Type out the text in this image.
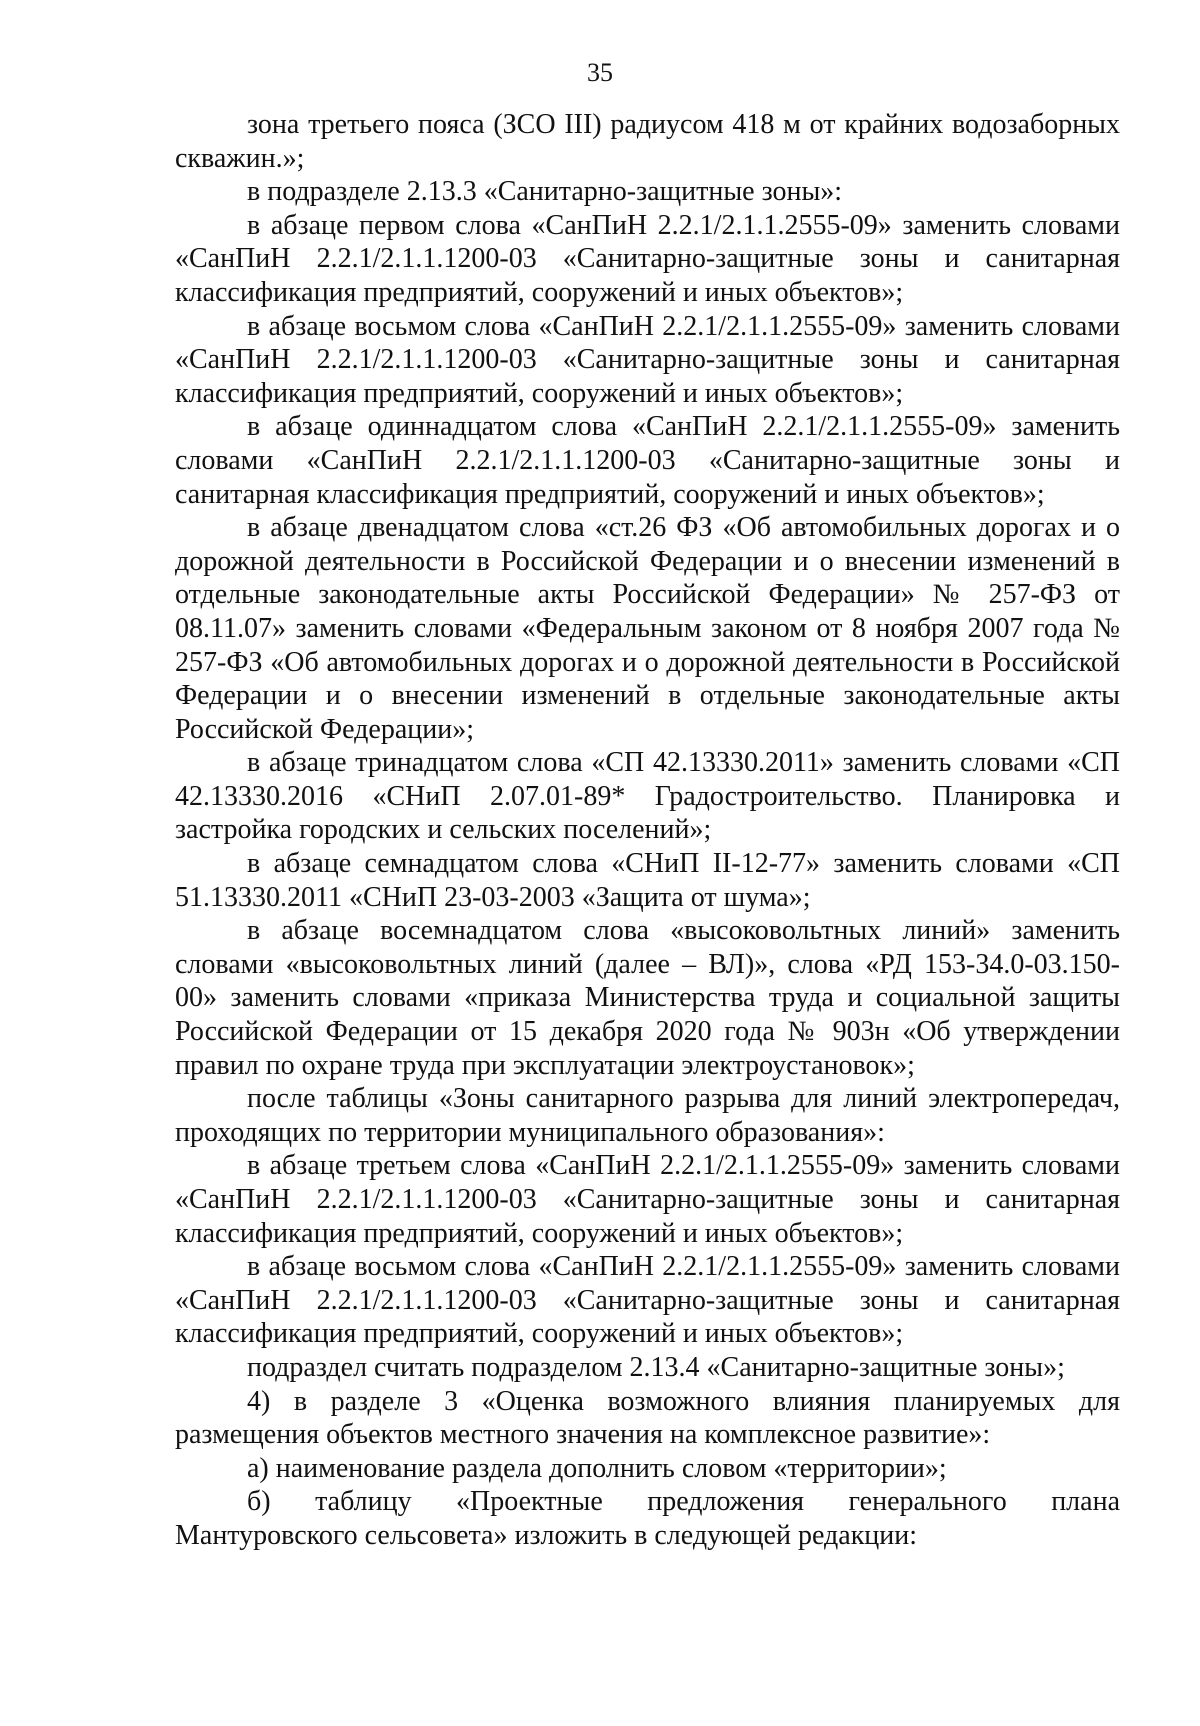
35

зона третьего пояса (ЗСО III) радиусом 418 м от крайних водозаборных скважин.»;

в подразделе 2.13.3 «Санитарно-защитные зоны»:

в абзаце первом слова «СанПиН 2.2.1/2.1.1.2555-09» заменить словами «СанПиН 2.2.1/2.1.1.1200-03 «Санитарно-защитные зоны и санитарная классификация предприятий, сооружений и иных объектов»;

в абзаце восьмом слова «СанПиН 2.2.1/2.1.1.2555-09» заменить словами «СанПиН 2.2.1/2.1.1.1200-03 «Санитарно-защитные зоны и санитарная классификация предприятий, сооружений и иных объектов»;

в абзаце одиннадцатом слова «СанПиН 2.2.1/2.1.1.2555-09» заменить словами «СанПиН 2.2.1/2.1.1.1200-03 «Санитарно-защитные зоны и санитарная классификация предприятий, сооружений и иных объектов»;

в абзаце двенадцатом слова «ст.26 ФЗ «Об автомобильных дорогах и о дорожной деятельности в Российской Федерации и о внесении изменений в отдельные законодательные акты Российской Федерации» № 257-ФЗ от 08.11.07» заменить словами «Федеральным законом от 8 ноября 2007 года № 257-ФЗ «Об автомобильных дорогах и о дорожной деятельности в Российской Федерации и о внесении изменений в отдельные законодательные акты Российской Федерации»;

в абзаце тринадцатом слова «СП 42.13330.2011» заменить словами «СП 42.13330.2016 «СНиП 2.07.01-89* Градостроительство. Планировка и застройка городских и сельских поселений»;

в абзаце семнадцатом слова «СНиП II-12-77» заменить словами «СП 51.13330.2011 «СНиП 23-03-2003 «Защита от шума»;

в абзаце восемнадцатом слова «высоковольтных линий» заменить словами «высоковольтных линий (далее – ВЛ)», слова «РД 153-34.0-03.150-00» заменить словами «приказа Министерства труда и социальной защиты Российской Федерации от 15 декабря 2020 года № 903н «Об утверждении правил по охране труда при эксплуатации электроустановок»;

после таблицы «Зоны санитарного разрыва для линий электропередач, проходящих по территории муниципального образования»:

в абзаце третьем слова «СанПиН 2.2.1/2.1.1.2555-09» заменить словами «СанПиН 2.2.1/2.1.1.1200-03 «Санитарно-защитные зоны и санитарная классификация предприятий, сооружений и иных объектов»;

в абзаце восьмом слова «СанПиН 2.2.1/2.1.1.2555-09» заменить словами «СанПиН 2.2.1/2.1.1.1200-03 «Санитарно-защитные зоны и санитарная классификация предприятий, сооружений и иных объектов»;

подраздел считать подразделом 2.13.4 «Санитарно-защитные зоны»;

4) в разделе 3 «Оценка возможного влияния планируемых для размещения объектов местного значения на комплексное развитие»:

а) наименование раздела дополнить словом «территории»;

б) таблицу «Проектные предложения генерального плана Мантуровского сельсовета» изложить в следующей редакции:
